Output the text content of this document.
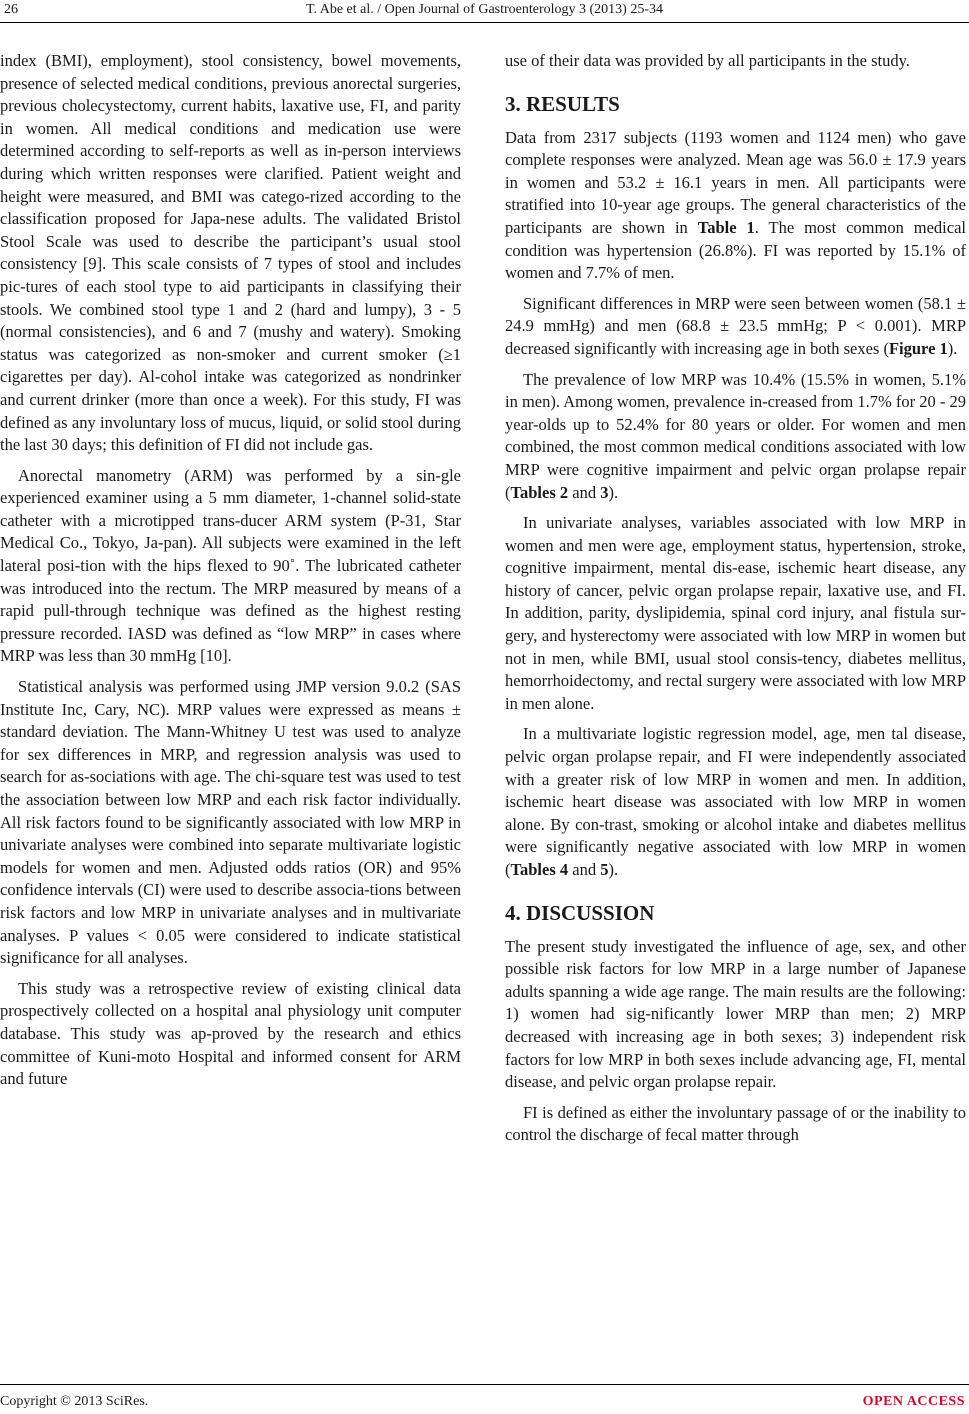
26	T. Abe et al. / Open Journal of Gastroenterology 3 (2013) 25-34

index (BMI), employment), stool consistency, bowel movements, presence of selected medical conditions, previous anorectal surgeries, previous cholecystectomy, current habits, laxative use, FI, and parity in women. All medical conditions and medication use were determined according to self-reports as well as in-person interviews during which written responses were clarified. Patient weight and height were measured, and BMI was catego-rized according to the classification proposed for Japa-nese adults. The validated Bristol Stool Scale was used to describe the participant’s usual stool consistency [9]. This scale consists of 7 types of stool and includes pic-tures of each stool type to aid participants in classifying their stools. We combined stool type 1 and 2 (hard and lumpy), 3 - 5 (normal consistencies), and 6 and 7 (mushy and watery). Smoking status was categorized as non-smoker and current smoker (≥1 cigarettes per day). Al-cohol intake was categorized as nondrinker and current drinker (more than once a week). For this study, FI was defined as any involuntary loss of mucus, liquid, or solid stool during the last 30 days; this definition of FI did not include gas.

Anorectal manometry (ARM) was performed by a sin-gle experienced examiner using a 5 mm diameter, 1-channel solid-state catheter with a microtipped trans-ducer ARM system (P-31, Star Medical Co., Tokyo, Ja-pan). All subjects were examined in the left lateral posi-tion with the hips flexed to 90˚. The lubricated catheter was introduced into the rectum. The MRP measured by means of a rapid pull-through technique was defined as the highest resting pressure recorded. IASD was defined as “low MRP” in cases where MRP was less than 30 mmHg [10].

Statistical analysis was performed using JMP version 9.0.2 (SAS Institute Inc, Cary, NC). MRP values were expressed as means ± standard deviation. The Mann-Whitney U test was used to analyze for sex differences in MRP, and regression analysis was used to search for as-sociations with age. The chi-square test was used to test the association between low MRP and each risk factor individually. All risk factors found to be significantly associated with low MRP in univariate analyses were combined into separate multivariate logistic models for women and men. Adjusted odds ratios (OR) and 95% confidence intervals (CI) were used to describe associa-tions between risk factors and low MRP in univariate analyses and in multivariate analyses. P values < 0.05 were considered to indicate statistical significance for all analyses.

This study was a retrospective review of existing clinical data prospectively collected on a hospital anal physiology unit computer database. This study was ap-proved by the research and ethics committee of Kuni-moto Hospital and informed consent for ARM and future

use of their data was provided by all participants in the study.

3. RESULTS

Data from 2317 subjects (1193 women and 1124 men) who gave complete responses were analyzed. Mean age was 56.0 ± 17.9 years in women and 53.2 ± 16.1 years in men. All participants were stratified into 10-year age groups. The general characteristics of the participants are shown in Table 1. The most common medical condition was hypertension (26.8%). FI was reported by 15.1% of women and 7.7% of men.

Significant differences in MRP were seen between women (58.1 ± 24.9 mmHg) and men (68.8 ± 23.5 mmHg; P < 0.001). MRP decreased significantly with increasing age in both sexes (Figure 1).

The prevalence of low MRP was 10.4% (15.5% in women, 5.1% in men). Among women, prevalence in-creased from 1.7% for 20 - 29 year-olds up to 52.4% for 80 years or older. For women and men combined, the most common medical conditions associated with low MRP were cognitive impairment and pelvic organ prolapse repair (Tables 2 and 3).

In univariate analyses, variables associated with low MRP in women and men were age, employment status, hypertension, stroke, cognitive impairment, mental dis-ease, ischemic heart disease, any history of cancer, pelvic organ prolapse repair, laxative use, and FI. In addition, parity, dyslipidemia, spinal cord injury, anal fistula sur-gery, and hysterectomy were associated with low MRP in women but not in men, while BMI, usual stool consis-tency, diabetes mellitus, hemorrhoidectomy, and rectal surgery were associated with low MRP in men alone.

In a multivariate logistic regression model, age, men tal disease, pelvic organ prolapse repair, and FI were independently associated with a greater risk of low MRP in women and men. In addition, ischemic heart disease was associated with low MRP in women alone. By con-trast, smoking or alcohol intake and diabetes mellitus were significantly negative associated with low MRP in women (Tables 4 and 5).

4. DISCUSSION

The present study investigated the influence of age, sex, and other possible risk factors for low MRP in a large number of Japanese adults spanning a wide age range. The main results are the following: 1) women had sig-nificantly lower MRP than men; 2) MRP decreased with increasing age in both sexes; 3) independent risk factors for low MRP in both sexes include advancing age, FI, mental disease, and pelvic organ prolapse repair.

FI is defined as either the involuntary passage of or the inability to control the discharge of fecal matter through

Copyright © 2013 SciRes.	OPEN ACCESS
